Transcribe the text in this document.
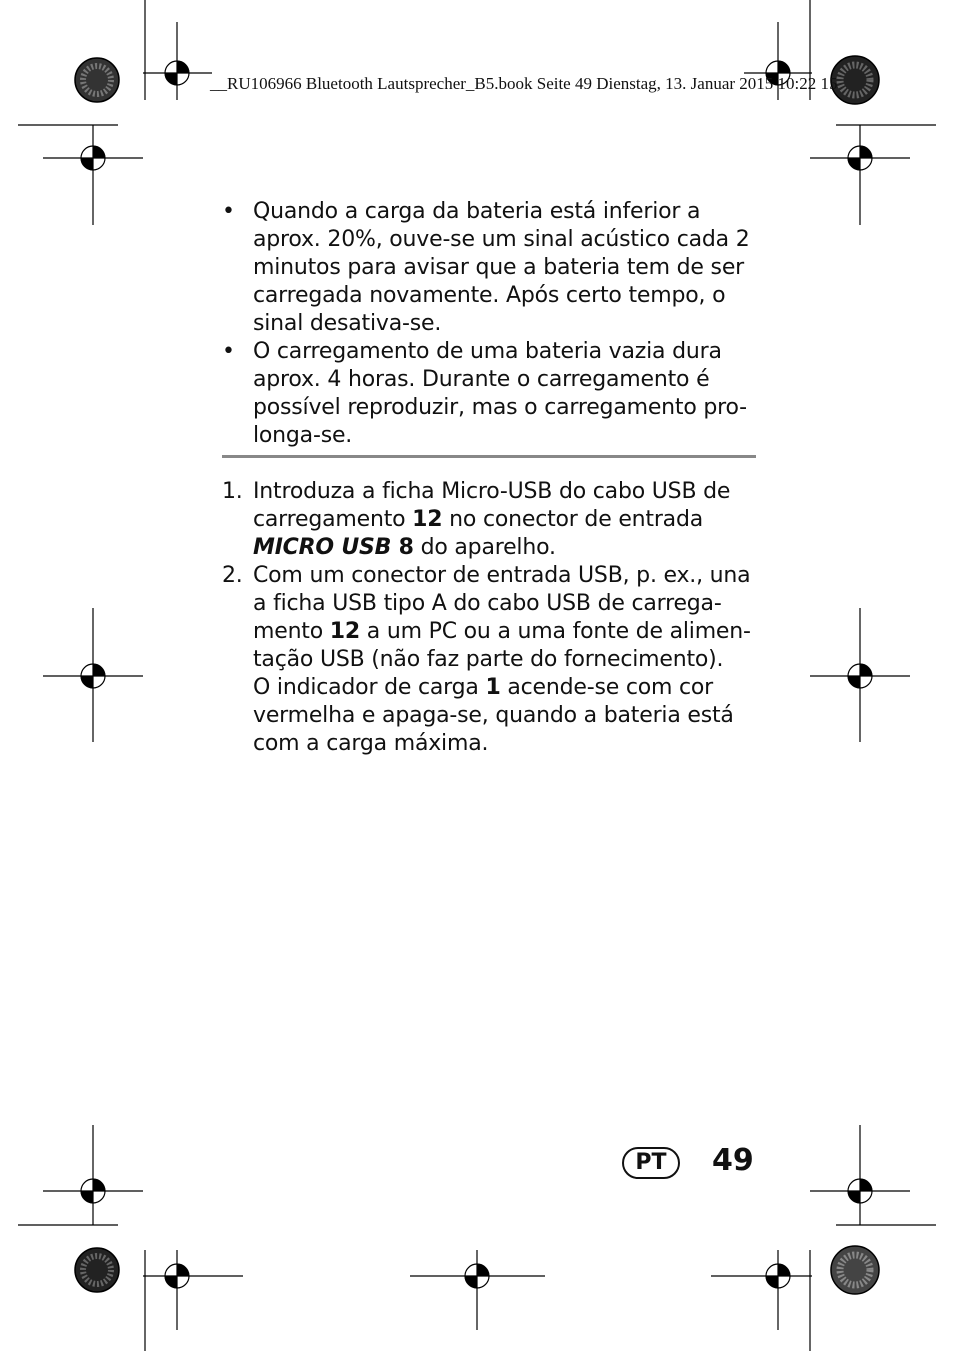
__RU106966 Bluetooth Lautsprecher_B5.book Seite 49 Dienstag, 13. Januar 2015 10:22 15
• Quando a carga da bateria está inferior a aprox. 20%, ouve-se um sinal acústico cada 2 minutos para avisar que a bateria tem de ser carregada novamente. Após certo tempo, o sinal desativa-se.
• O carregamento de uma bateria vazia dura aprox. 4 horas. Durante o carregamento é possível reproduzir, mas o carregamento pro-longa-se.
1. Introduza a ficha Micro-USB do cabo USB de carregamento 12 no conector de entrada MICRO USB 8 do aparelho.
2. Com um conector de entrada USB, p. ex., una a ficha USB tipo A do cabo USB de carrega-mento 12 a um PC ou a uma fonte de alimen-tação USB (não faz parte do fornecimento).
O indicador de carga 1 acende-se com cor vermelha e apaga-se, quando a bateria está com a carga máxima.
PT	49
